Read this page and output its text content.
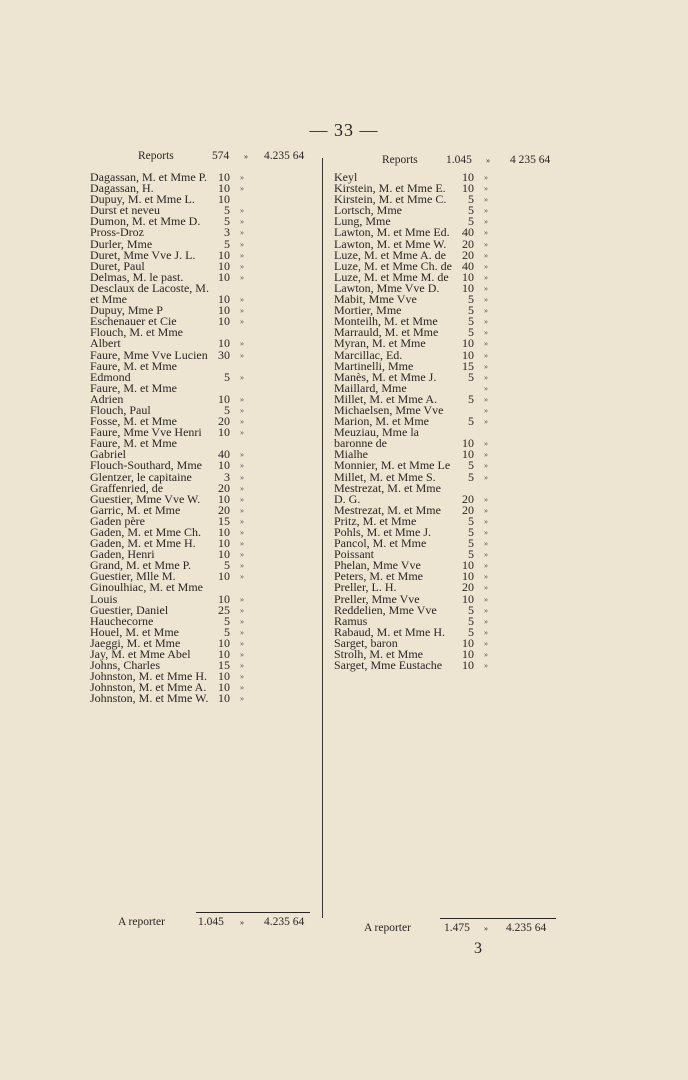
— 33 —
Reports	574 » 4.235 64
Dagassan, M. et Mme P. 10 »
Dagassan, H.	10 »
Dupuy, M. et Mme L.	10
Durst et neveu	5 »
Dumon, M. et Mme D.	5 »
Pross-Droz	3 »
Durler, Mme	5 »
Duret, Mme Vve J. L.	10 »
Duret, Paul	10 »
Delmas, M. le past.	10 »
Desclaux de Lacoste, M. et Mme	10 »
Dupuy, Mme P	10 »
Eschenauer et Cie	10 »
Flouch, M. et Mme Albert	10 »
Faure, Mme Vve Lucien 30 »
Faure, M. et Mme Edmond	5 »
Faure, M. et Mme Adrien	10 »
Flouch, Paul	5 »
Fosse, M. et Mme	20 »
Faure, Mme Vve Henri	10 »
Faure, M. et Mme Gabriel	40 »
Flouch-Southard, Mme	10 »
Glentzer, le capitaine	3 »
Graffenried, de	20 »
Guestier, Mme Vve W.	10 »
Garric, M. et Mme	20 »
Gaden père	15 »
Gaden, M. et Mme Ch.	10 »
Gaden, M. et Mme H.	10 »
Gaden, Henri	10 »
Grand, M. et Mme P.	5 »
Guestier, Mlle M.	10 »
Ginoulhiac, M. et Mme Louis	10 »
Guestier, Daniel	25 »
Hauchecorne	5 »
Houel, M. et Mme	5 »
Jaeggi, M. et Mme	10 »
Jay, M. et Mme Abel	10 »
Johns, Charles	15 »
Johnston, M. et Mme H. 10 »
Johnston, M. et Mme A. 10 »
Johnston, M. et Mme W. 10 »
Reports 1.045 » 4 235 64
Keyl	10 »
Kirstein, M. et Mme E.	10 »
Kirstein, M. et Mme C.	5 »
Lortsch, Mme	5 »
Lung, Mme	5 »
Lawton, M. et Mme Ed.	40 »
Lawton, M. et Mme W.	20 »
Luze, M. et Mme A. de	20 »
Luze, M. et Mme Ch. de 40 »
Luze, M. et Mme M. de	10 »
Lawton, Mme Vve D.	10 »
Mabit, Mme Vve	5 »
Mortier, Mme	5 »
Monteilh, M. et Mme	5 »
Marrauld, M. et Mme	5 »
Myran, M. et Mme	10 »
Marcillac, Ed.	10 »
Martinelli, Mme	15 »
Manès, M. et Mme J.	5 »
Maillard, Mme	»
Millet, M. et Mme A.	5 »
Michaelsen, Mme Vve	»
Marion, M. et Mme	5 »
Meuziau, Mme la baronne de	10 »
Mialhe	10 »
Monnier, M. et Mme Le	5 »
Millet, M. et Mme S.	5 »
Mestrezat, M. et Mme D. G.	20 »
Mestrezat, M. et Mme	20 »
Pritz, M. et Mme	5 »
Pohls, M. et Mme J.	5 »
Pancol, M. et Mme	5 »
Poissant	5 »
Phelan, Mme Vve	10 »
Peters, M. et Mme	10 »
Preller, L. H.	20 »
Preller, Mme Vve	10 »
Reddelien, Mme Vve	5 »
Ramus	5 »
Rabaud, M. et Mme H.	5 »
Sarget, baron	10 »
Strolh, M. et Mme	10 »
Sarget, Mme Eustache	10 »
A reporter	1.045 » 4.235 64	A reporter	1.475 » 4.235 64
3
